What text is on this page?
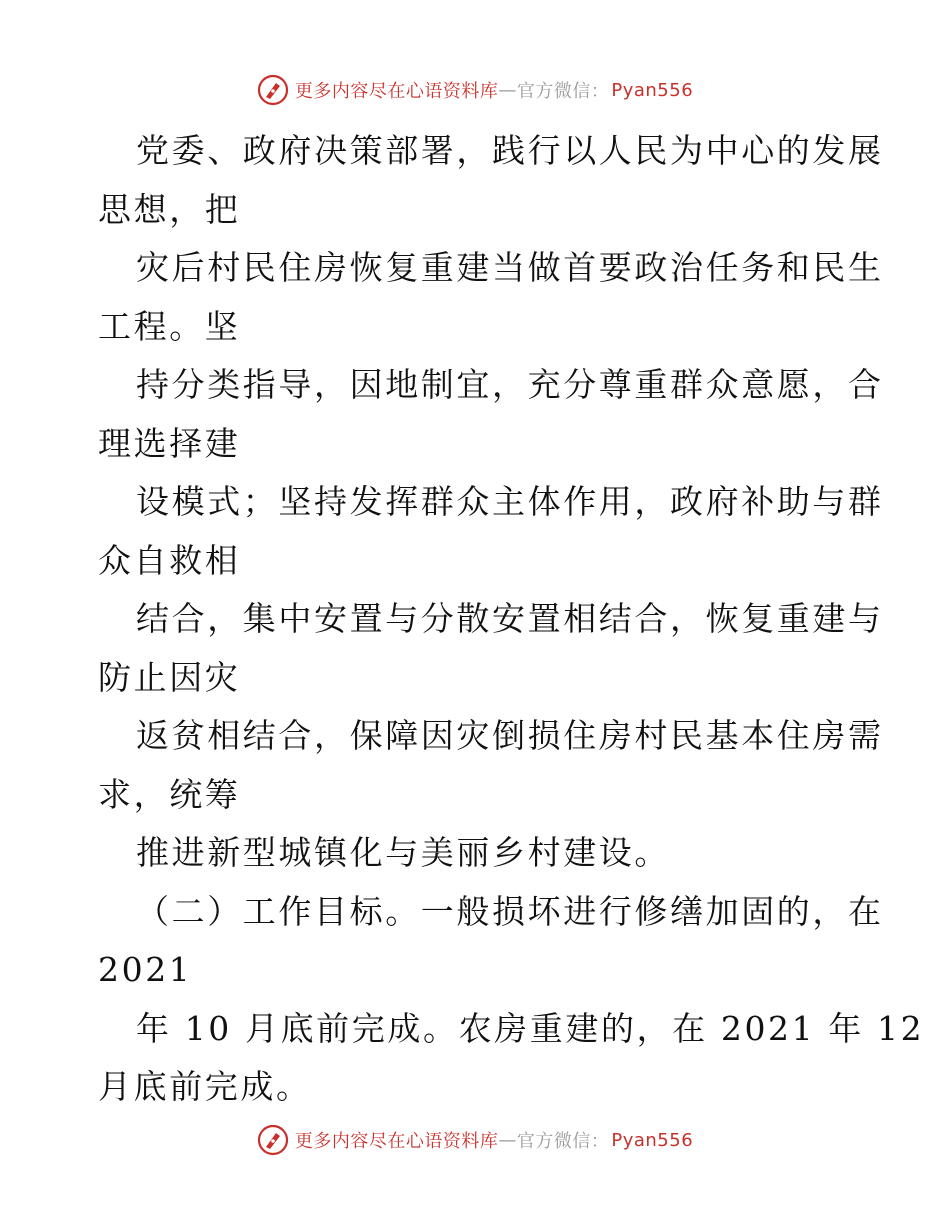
更多内容尽在心语资料库 — 官方微信： Pyan556
党委、政府决策部署，践行以人民为中心的发展
思想，把
灾后村民住房恢复重建当做首要政治任务和民生
工程。坚
持分类指导，因地制宜，充分尊重群众意愿，合
理选择建
设模式；坚持发挥群众主体作用，政府补助与群
众自救相
结合，集中安置与分散安置相结合，恢复重建与
防止因灾
返贫相结合，保障因灾倒损住房村民基本住房需
求，统筹
推进新型城镇化与美丽乡村建设。
（二）工作目标。一般损坏进行修缮加固的，在
2021
年 10 月底前完成。农房重建的，在 2021 年 12
月底前完成。
更多内容尽在心语资料库 — 官方微信： Pyan556
